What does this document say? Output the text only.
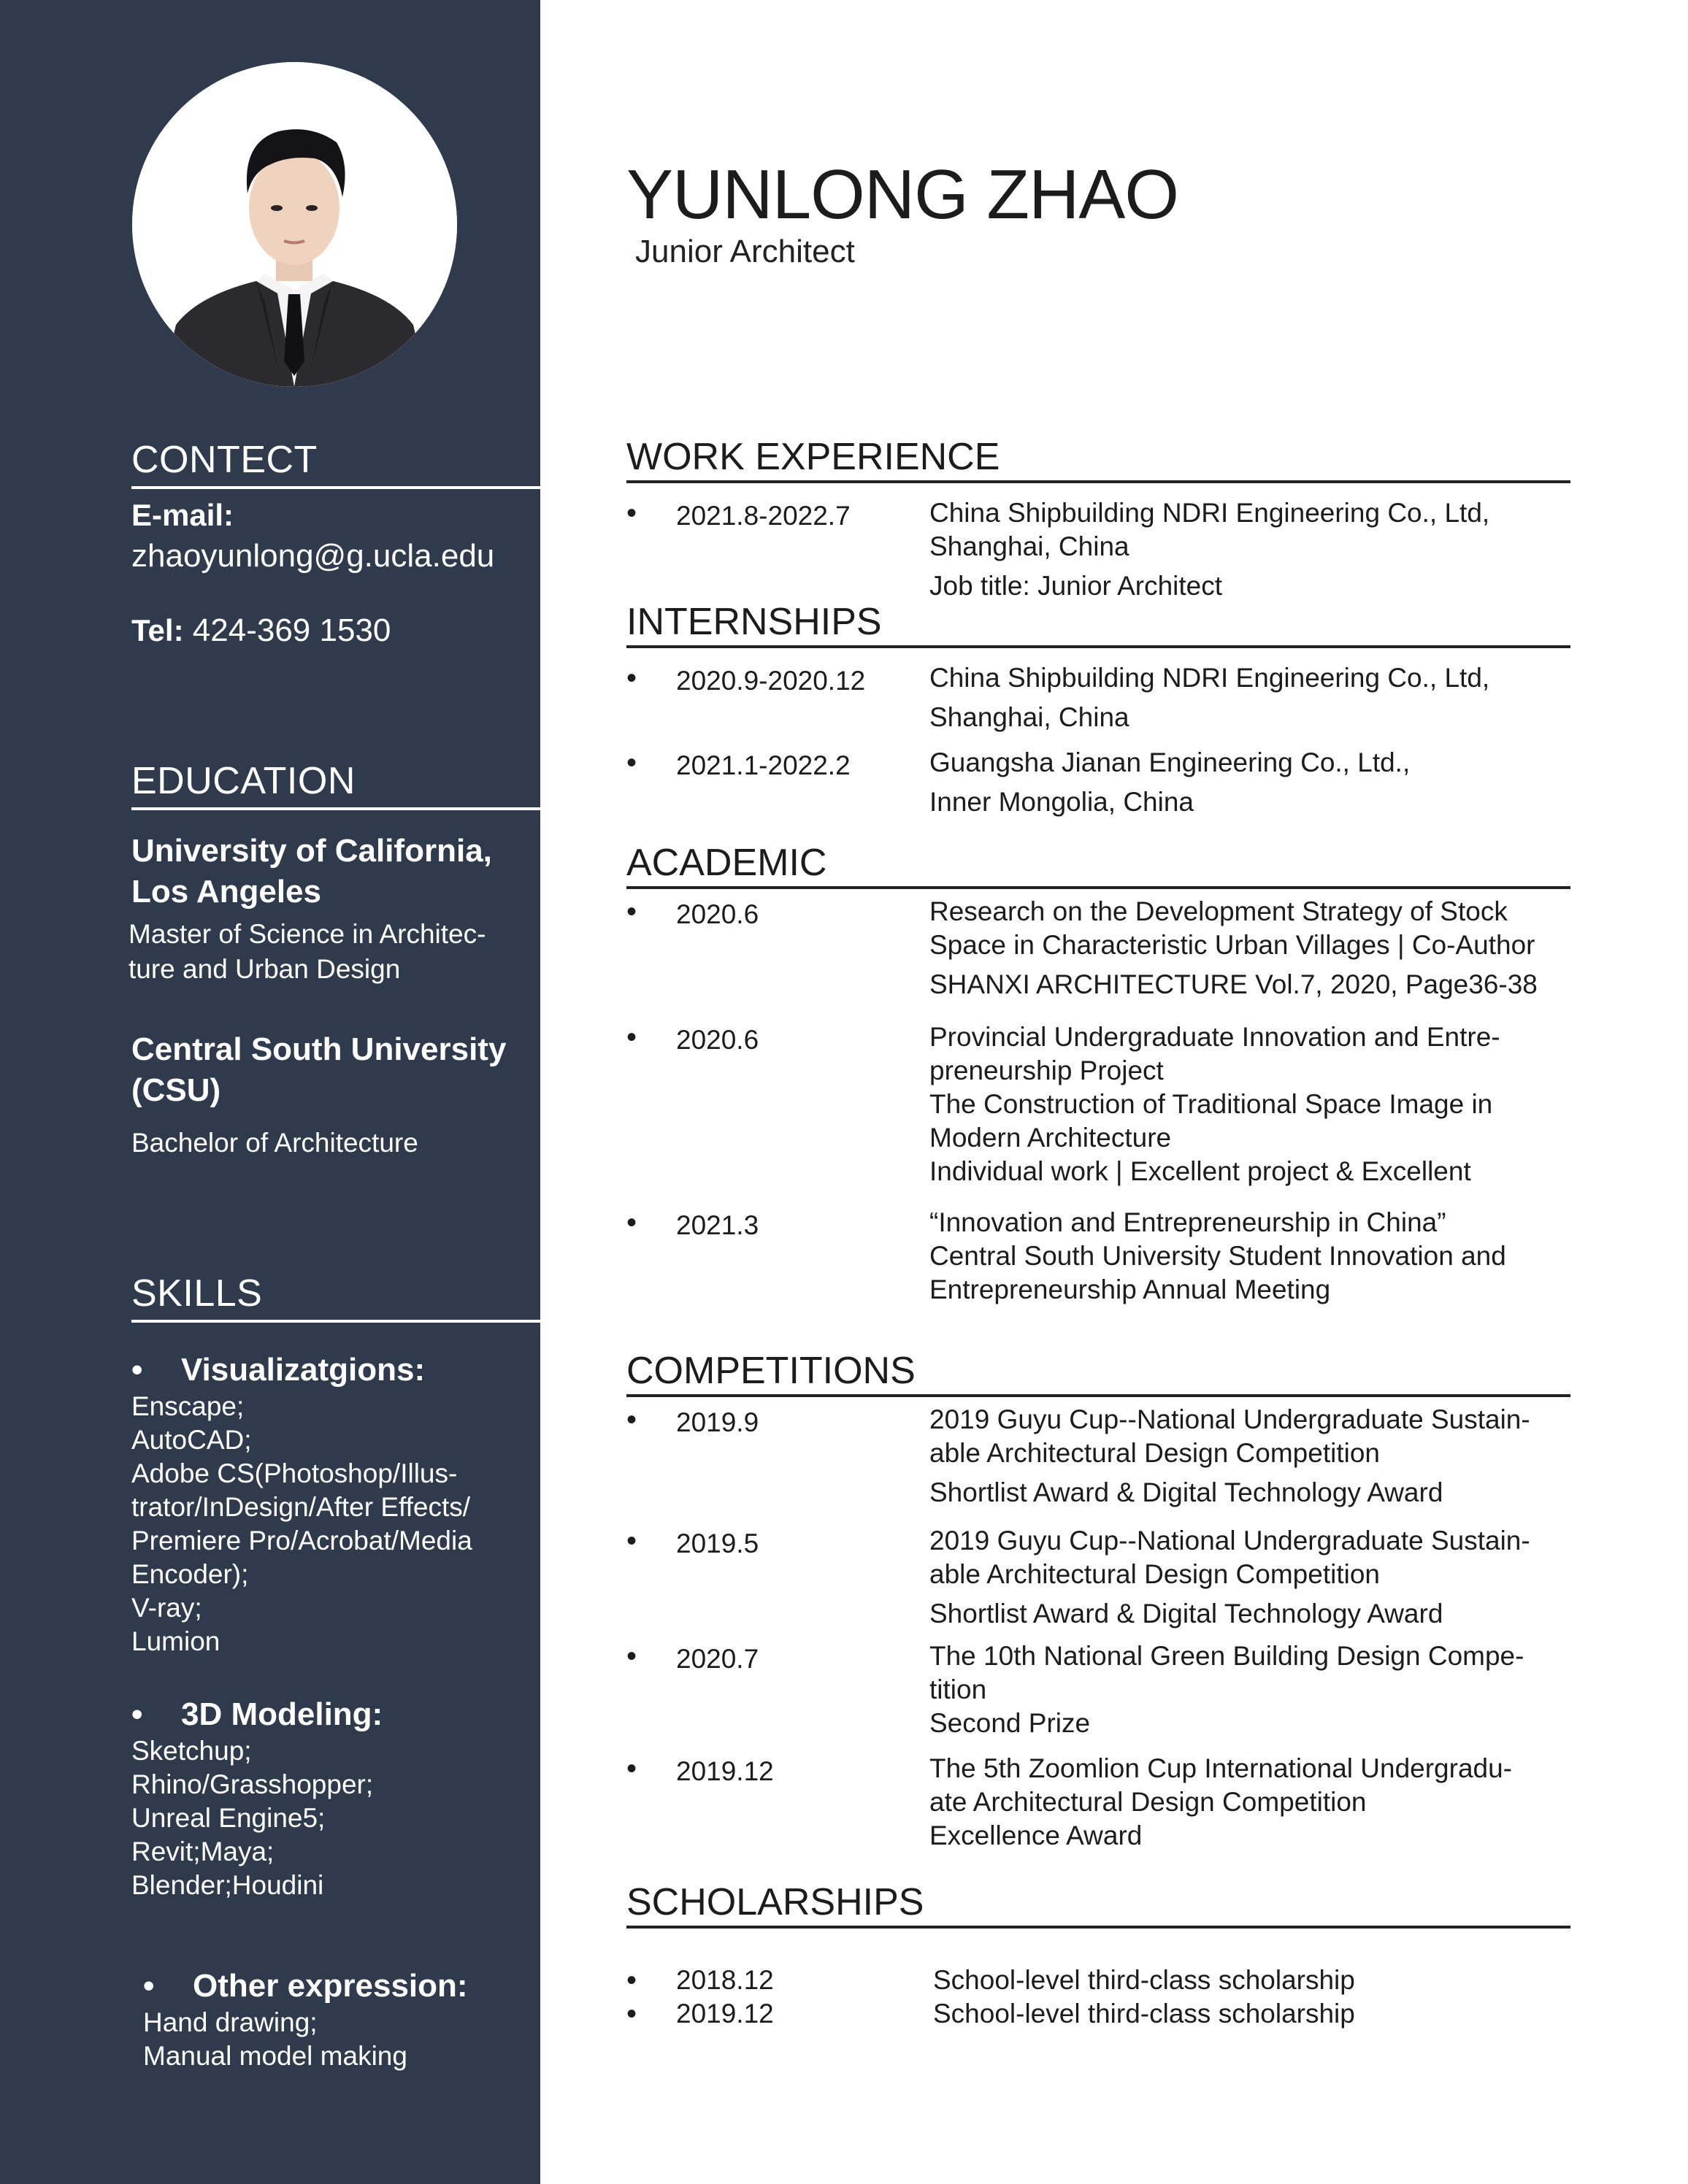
CONTECT
E-mail:
zhaoyunlong@g.ucla.edu
Tel: 424-369 1530
EDUCATION
University of California,
Los Angeles
Master of Science in Architec-
ture and Urban Design
Central South University
(CSU)
Bachelor of Architecture
SKILLS
• Visualizatgions:
Enscape;
AutoCAD;
Adobe CS(Photoshop/Illus-
trator/InDesign/After Effects/
Premiere Pro/Acrobat/Media
Encoder);
V-ray;
Lumion
• 3D Modeling:
Sketchup;
Rhino/Grasshopper;
Unreal Engine5;
Revit;Maya;
Blender;Houdini
• Other expression:
Hand drawing;
Manual model making
YUNLONG ZHAO
Junior Architect
WORK EXPERIENCE
• 2021.8-2022.7	China Shipbuilding NDRI Engineering Co., Ltd,
Shanghai, China
Job title: Junior Architect
INTERNSHIPS
• 2020.9-2020.12 China Shipbuilding NDRI Engineering Co., Ltd,
Shanghai, China
• 2021.1-2022.2	Guangsha Jianan Engineering Co., Ltd.,
Inner Mongolia, China
ACADEMIC
• 2020.6	Research on the Development Strategy of Stock
Space in Characteristic Urban Villages | Co-Author
SHANXI ARCHITECTURE Vol.7, 2020, Page36-38
• 2020.6	Provincial Undergraduate Innovation and Entre-
preneurship Project
The Construction of Traditional Space Image in
Modern Architecture
Individual work | Excellent project & Excellent
• 2021.3	“Innovation and Entrepreneurship in China”
Central South University Student Innovation and
Entrepreneurship Annual Meeting
COMPETITIONS
• 2019.9	2019 Guyu Cup--National Undergraduate Sustain-
able Architectural Design Competition
Shortlist Award & Digital Technology Award
• 2019.5	2019 Guyu Cup--National Undergraduate Sustain-
able Architectural Design Competition
Shortlist Award & Digital Technology Award
• 2020.7	The 10th National Green Building Design Compe-
tition
Second Prize
• 2019.12	The 5th Zoomlion Cup International Undergradu-
ate Architectural Design Competition
Excellence Award
SCHOLARSHIPS
• 2018.12	School-level third-class scholarship
• 2019.12	School-level third-class scholarship
